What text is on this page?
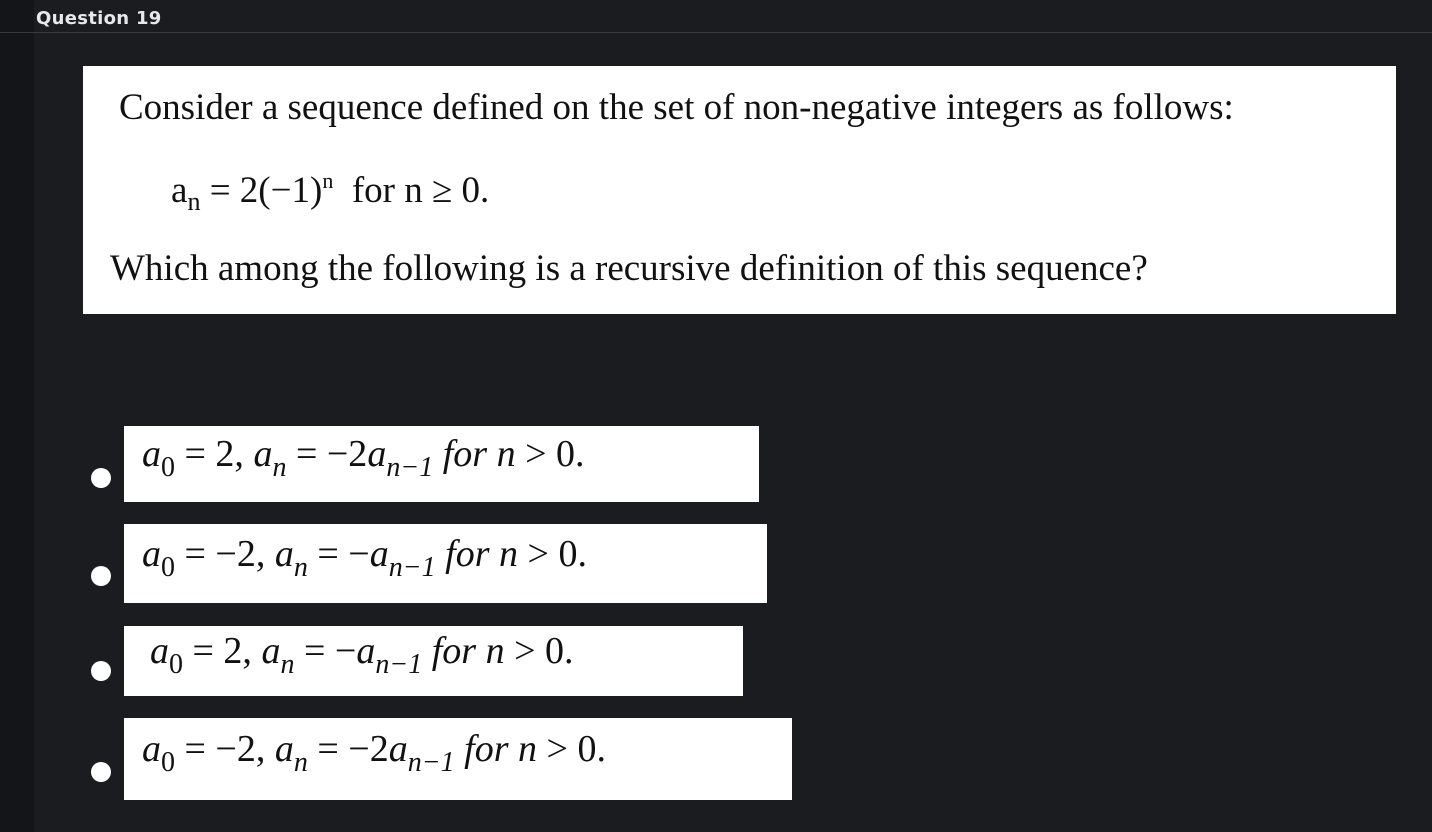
Question 19
Consider a sequence defined on the set of non-negative integers as follows:
$a_n = 2(-1)^n$  for n ≥ 0.
Which among the following is a recursive definition of this sequence?
$a_0 = 2$, $a_n = -2a_{n-1}$ for n > 0.
$a_0 = -2$, $a_n = -a_{n-1}$ for n > 0.
$a_0 = 2$, $a_n = -a_{n-1}$ for n > 0.
$a_0 = -2$, $a_n = -2a_{n-1}$ for n > 0.
